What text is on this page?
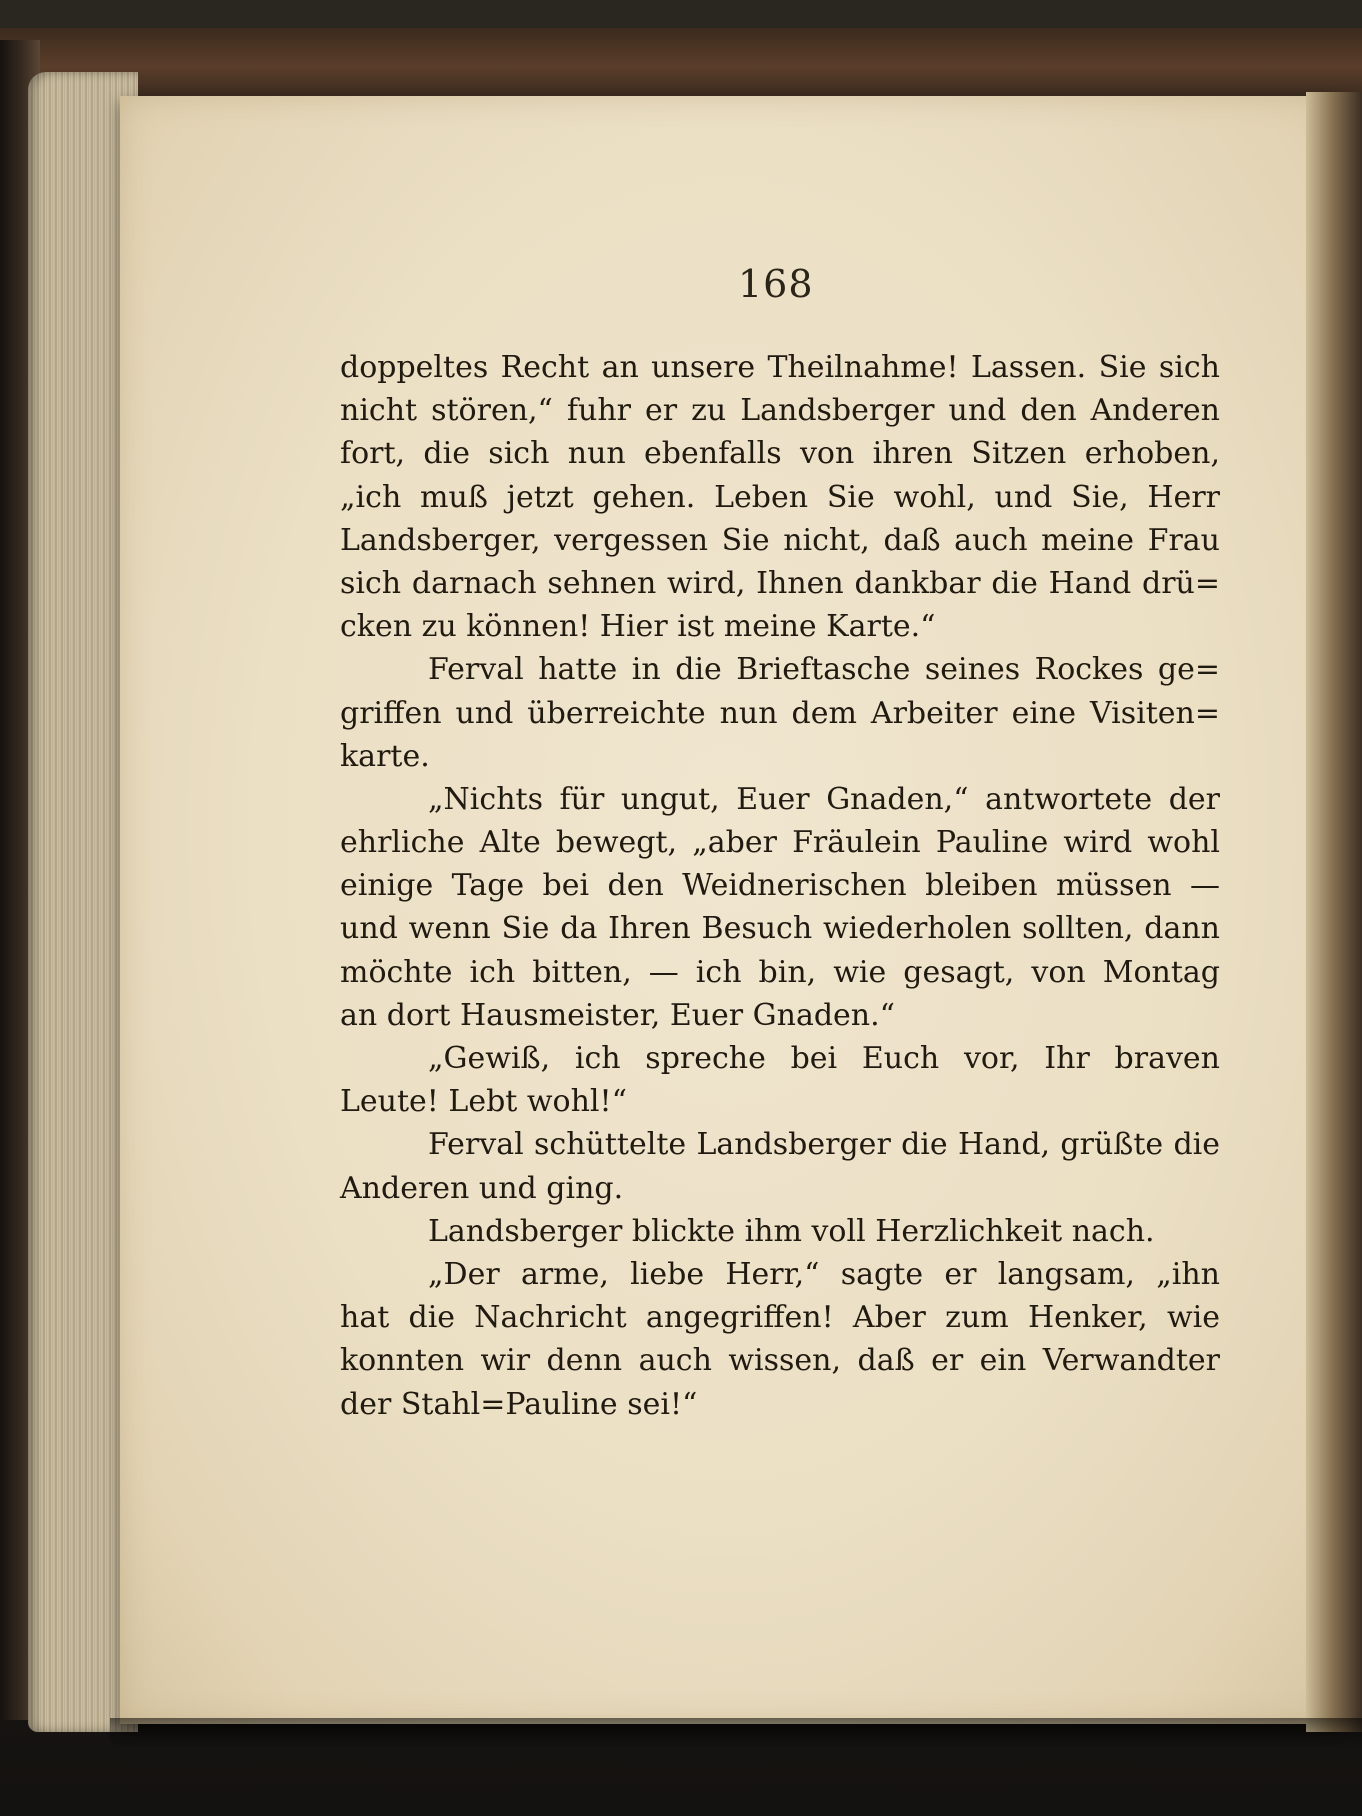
168
doppeltes Recht an unsere Theilnahme! Lassen. Sie sich
nicht stören,“ fuhr er zu Landsberger und den Anderen
fort, die sich nun ebenfalls von ihren Sitzen erhoben,
„ich muß jetzt gehen. Leben Sie wohl, und Sie, Herr
Landsberger, vergessen Sie nicht, daß auch meine Frau
sich darnach sehnen wird, Ihnen dankbar die Hand drü=
cken zu können! Hier ist meine Karte.“
Ferval hatte in die Brieftasche seines Rockes ge=
griffen und überreichte nun dem Arbeiter eine Visiten=
karte.
„Nichts für ungut, Euer Gnaden,“ antwortete der
ehrliche Alte bewegt, „aber Fräulein Pauline wird wohl
einige Tage bei den Weidnerischen bleiben müssen —
und wenn Sie da Ihren Besuch wiederholen sollten, dann
möchte ich bitten, — ich bin, wie gesagt, von Montag
an dort Hausmeister, Euer Gnaden.“
„Gewiß, ich spreche bei Euch vor, Ihr braven
Leute! Lebt wohl!“
Ferval schüttelte Landsberger die Hand, grüßte die
Anderen und ging.
Landsberger blickte ihm voll Herzlichkeit nach.
„Der arme, liebe Herr,“ sagte er langsam, „ihn
hat die Nachricht angegriffen! Aber zum Henker, wie
konnten wir denn auch wissen, daß er ein Verwandter
der Stahl=Pauline sei!“
